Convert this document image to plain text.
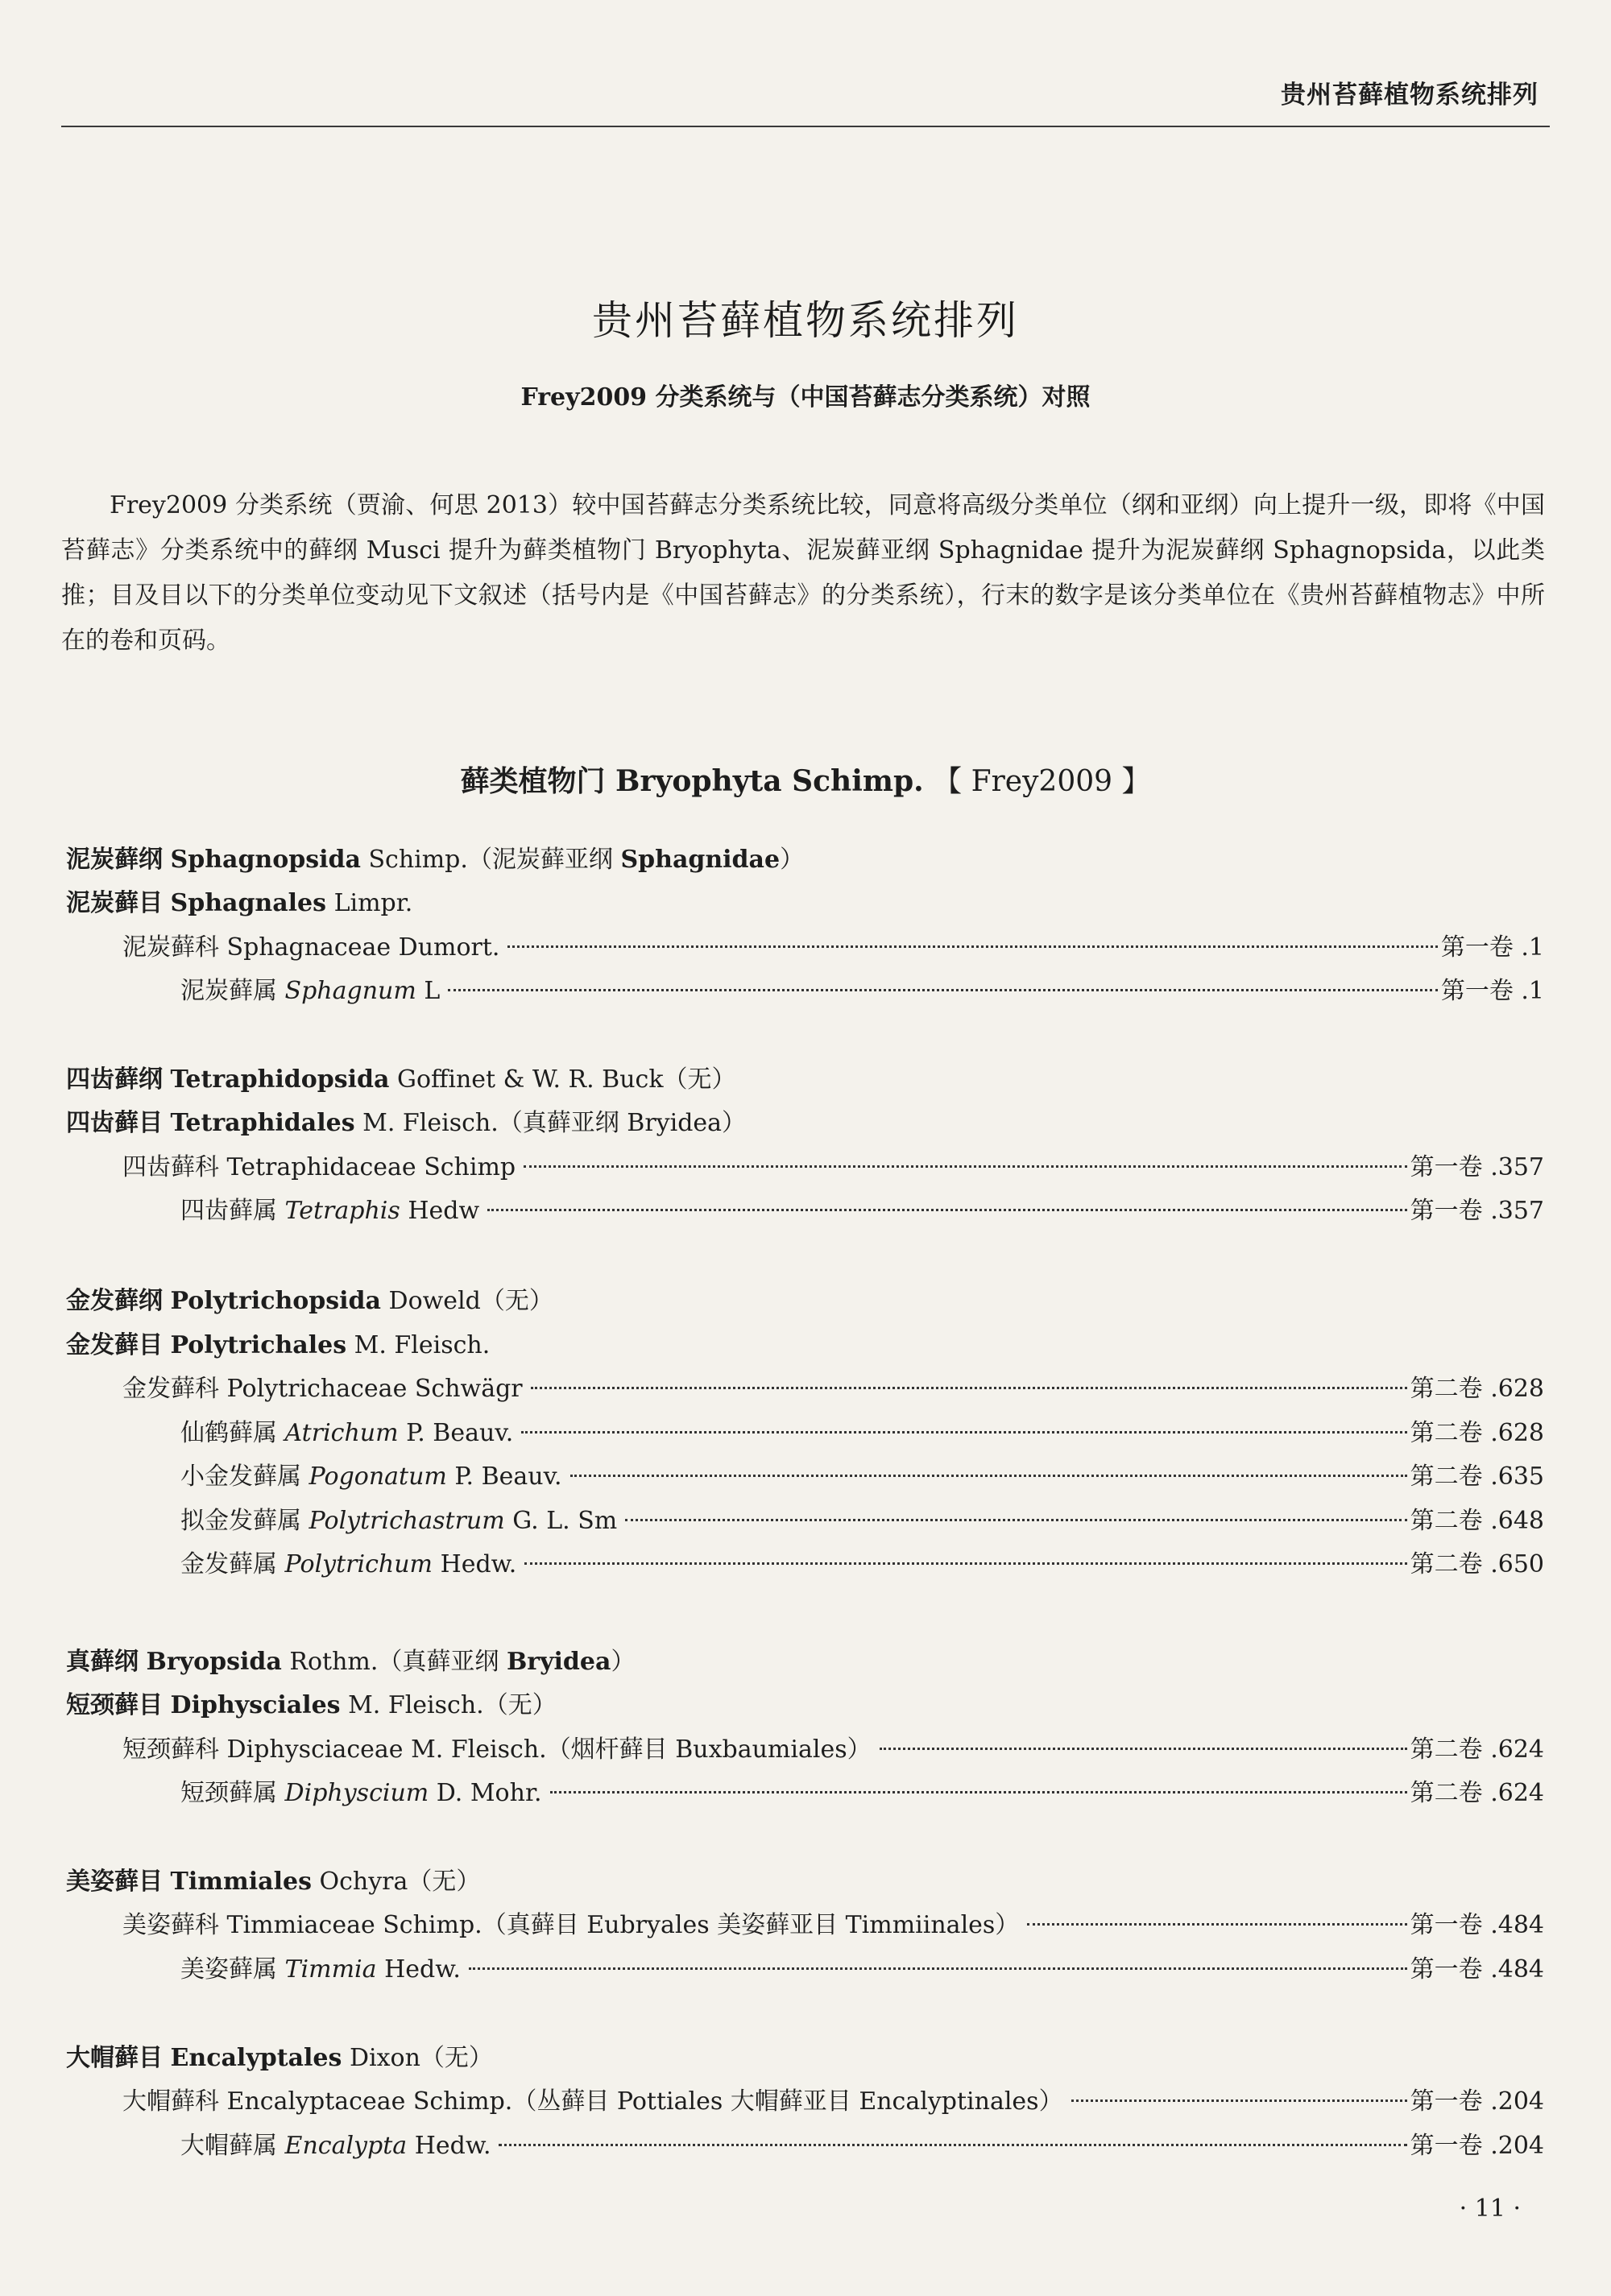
贵州苔藓植物系统排列
贵州苔藓植物系统排列
Frey2009 分类系统与（中国苔藓志分类系统）对照

Frey2009 分类系统（贾渝、何思 2013）较中国苔藓志分类系统比较，同意将高级分类单位（纲和亚纲）向上提升一级，即将《中国苔藓志》分类系统中的藓纲 Musci 提升为藓类植物门 Bryophyta、泥炭藓亚纲 Sphagnidae 提升为泥炭藓纲 Sphagnopsida，以此类推；目及目以下的分类单位变动见下文叙述（括号内是《中国苔藓志》的分类系统），行末的数字是该分类单位在《贵州苔藓植物志》中所在的卷和页码。

藓类植物门 Bryophyta Schimp. 【 Frey2009 】
泥炭藓纲 Sphagnopsida Schimp.（泥炭藓亚纲 Sphagnidae）
泥炭藓目 Sphagnales Limpr.
泥炭藓科 Sphagnaceae Dumort.	第一卷 .1
泥炭藓属 Sphagnum L	第一卷 .1
四齿藓纲 Tetraphidopsida Goffinet & W. R. Buck（无）
四齿藓目 Tetraphidales M. Fleisch.（真藓亚纲 Bryidea）
四齿藓科 Tetraphidaceae Schimp	第一卷 .357
四齿藓属 Tetraphis Hedw	第一卷 .357
金发藓纲 Polytrichopsida Doweld（无）
金发藓目 Polytrichales M. Fleisch.
金发藓科 Polytrichaceae Schwägr	第二卷 .628
仙鹤藓属 Atrichum P. Beauv.	第二卷 .628
小金发藓属 Pogonatum P. Beauv.	第二卷 .635
拟金发藓属 Polytrichastrum G. L. Sm	第二卷 .648
金发藓属 Polytrichum Hedw.	第二卷 .650
真藓纲 Bryopsida Rothm.（真藓亚纲 Bryidea）
短颈藓目 Diphysciales M. Fleisch.（无）
短颈藓科 Diphysciaceae M. Fleisch.（烟杆藓目 Buxbaumiales）	第二卷 .624
短颈藓属 Diphyscium D. Mohr.	第二卷 .624
美姿藓目 Timmiales Ochyra（无）
美姿藓科 Timmiaceae Schimp.（真藓目 Eubryales 美姿藓亚目 Timmiinales）	第一卷 .484
美姿藓属 Timmia Hedw.	第一卷 .484
大帽藓目 Encalyptales Dixon（无）
大帽藓科 Encalyptaceae Schimp.（丛藓目 Pottiales 大帽藓亚目 Encalyptinales）	第一卷 .204
大帽藓属 Encalypta Hedw.	第一卷 .204
· 11 ·
